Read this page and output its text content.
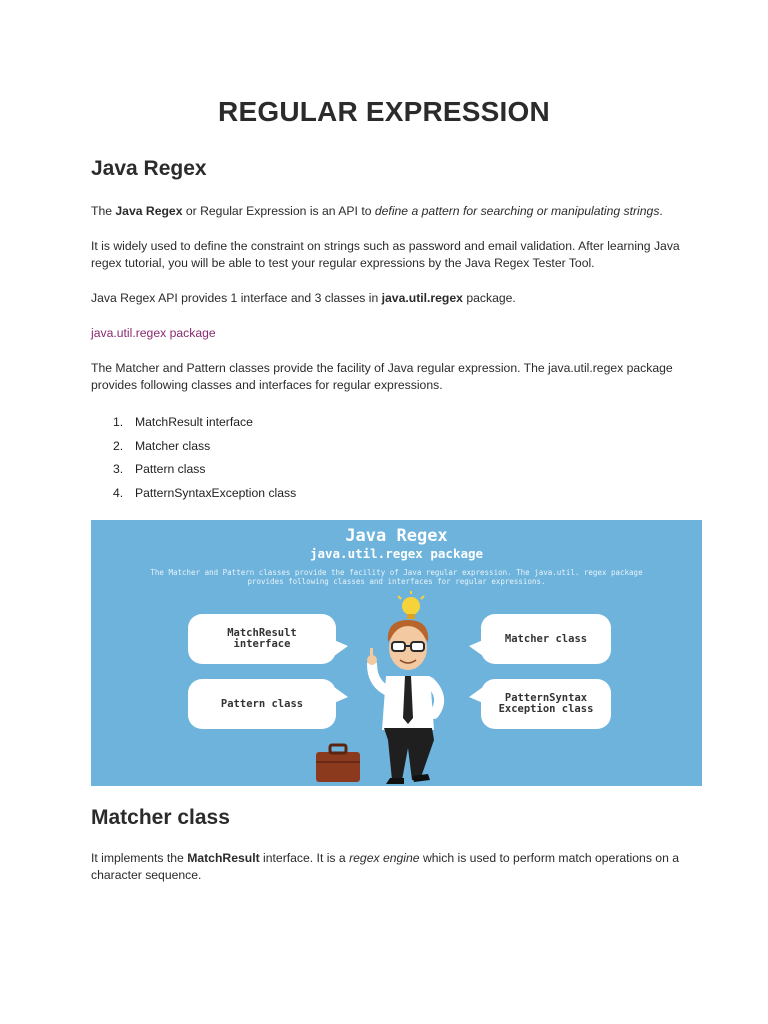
REGULAR EXPRESSION
Java Regex
The Java Regex or Regular Expression is an API to define a pattern for searching or manipulating strings.
It is widely used to define the constraint on strings such as password and email validation. After learning Java regex tutorial, you will be able to test your regular expressions by the Java Regex Tester Tool.
Java Regex API provides 1 interface and 3 classes in java.util.regex package.
java.util.regex package
The Matcher and Pattern classes provide the facility of Java regular expression. The java.util.regex package provides following classes and interfaces for regular expressions.
1. MatchResult interface
2. Matcher class
3. Pattern class
4. PatternSyntaxException class
Java Regex
java.util.regex package
The Matcher and Pattern classes provide the facility of Java regular expression. The java.util. regex package provides following classes and interfaces for regular expressions.
MatchResult interface	Matcher class
Pattern class	PatternSyntax Exception class
Matcher class
It implements the MatchResult interface. It is a regex engine which is used to perform match operations on a character sequence.
